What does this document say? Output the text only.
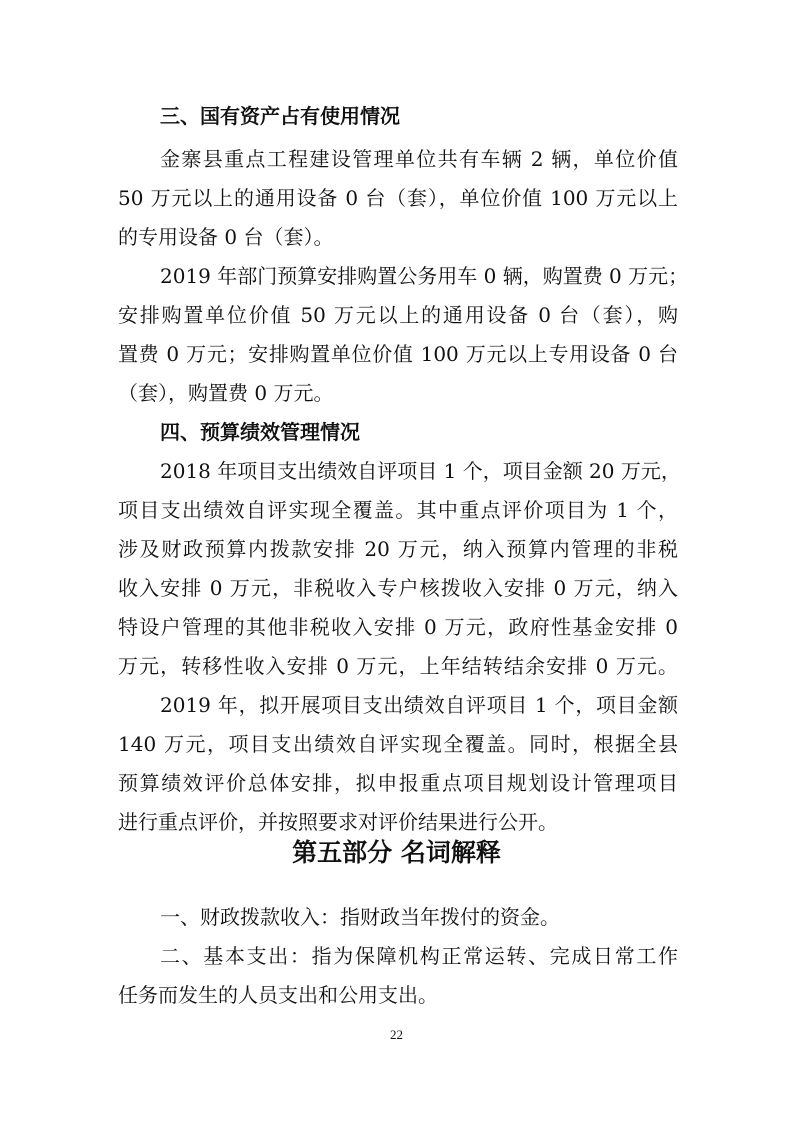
三、国有资产占有使用情况
金寨县重点工程建设管理单位共有车辆 2 辆，单位价值
50 万元以上的通用设备 0 台（套），单位价值 100 万元以上
的专用设备 0 台（套）。
2019 年部门预算安排购置公务用车 0 辆，购置费 0 万元；
安排购置单位价值 50 万元以上的通用设备 0 台（套），购
置费 0 万元；安排购置单位价值 100 万元以上专用设备 0 台
（套），购置费 0 万元。
四、预算绩效管理情况
2018 年项目支出绩效自评项目 1 个，项目金额 20 万元，
项目支出绩效自评实现全覆盖。其中重点评价项目为 1 个，
涉及财政预算内拨款安排 20 万元，纳入预算内管理的非税
收入安排 0 万元，非税收入专户核拨收入安排 0 万元，纳入
特设户管理的其他非税收入安排 0 万元，政府性基金安排 0
万元，转移性收入安排 0 万元，上年结转结余安排 0 万元。
2019 年，拟开展项目支出绩效自评项目 1 个，项目金额
140 万元，项目支出绩效自评实现全覆盖。同时，根据全县
预算绩效评价总体安排，拟申报重点项目规划设计管理项目
进行重点评价，并按照要求对评价结果进行公开。
第五部分 名词解释
一、财政拨款收入：指财政当年拨付的资金。
二、基本支出：指为保障机构正常运转、完成日常工作
任务而发生的人员支出和公用支出。
22
